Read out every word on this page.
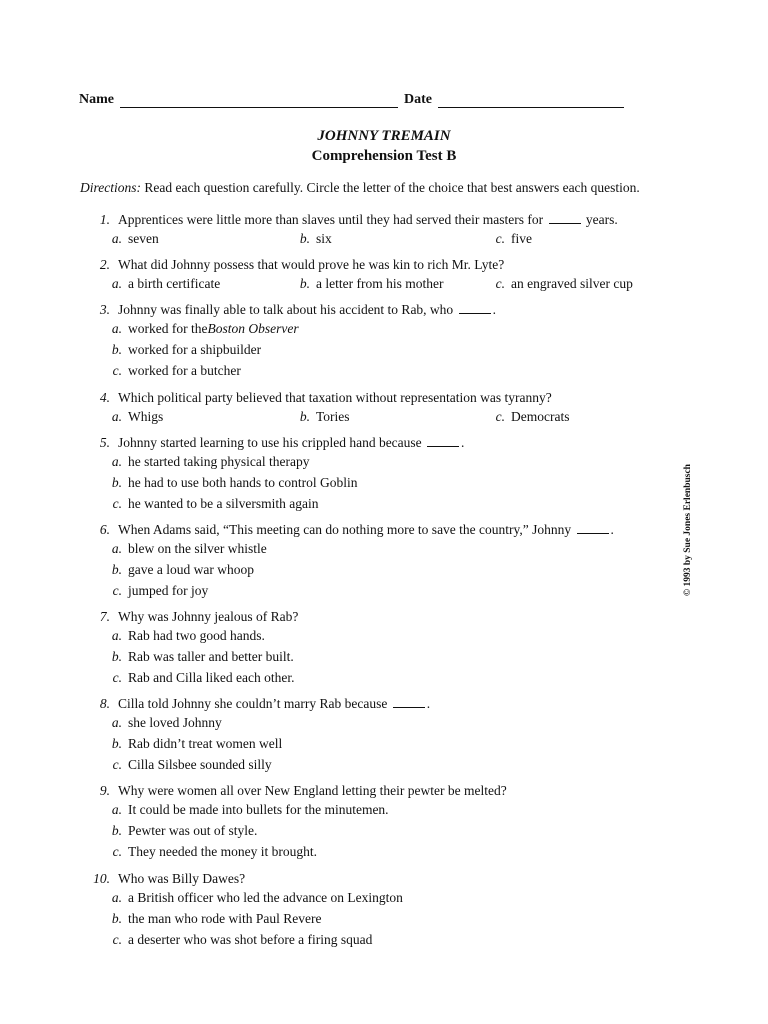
Name	Date
JOHNNY TREMAIN
Comprehension Test B
Directions: Read each question carefully. Circle the letter of the choice that best answers each question.
1. Apprentices were little more than slaves until they had served their masters for	years.
a. seven	b. six	c. five
2. What did Johnny possess that would prove he was kin to rich Mr. Lyte?
a. a birth certificate	b. a letter from his mother	c. an engraved silver cup
3. Johnny was finally able to talk about his accident to Rab, who	.
a. worked for the Boston Observer
b. worked for a shipbuilder
c. worked for a butcher
4. Which political party believed that taxation without representation was tyranny?
a. Whigs	b. Tories	c. Democrats
5. Johnny started learning to use his crippled hand because	.
a. he started taking physical therapy
b. he had to use both hands to control Goblin
c. he wanted to be a silversmith again
6. When Adams said, “This meeting can do nothing more to save the country,” Johnny	.
a. blew on the silver whistle
b. gave a loud war whoop
c. jumped for joy
7. Why was Johnny jealous of Rab?
a. Rab had two good hands.
b. Rab was taller and better built.
c. Rab and Cilla liked each other.
8. Cilla told Johnny she couldn’t marry Rab because	.
a. she loved Johnny
b. Rab didn’t treat women well
c. Cilla Silsbee sounded silly
9. Why were women all over New England letting their pewter be melted?
a. It could be made into bullets for the minutemen.
b. Pewter was out of style.
c. They needed the money it brought.
10. Who was Billy Dawes?
a. a British officer who led the advance on Lexington
b. the man who rode with Paul Revere
c. a deserter who was shot before a firing squad
© 1993 by Sue Jones Erlenbusch
